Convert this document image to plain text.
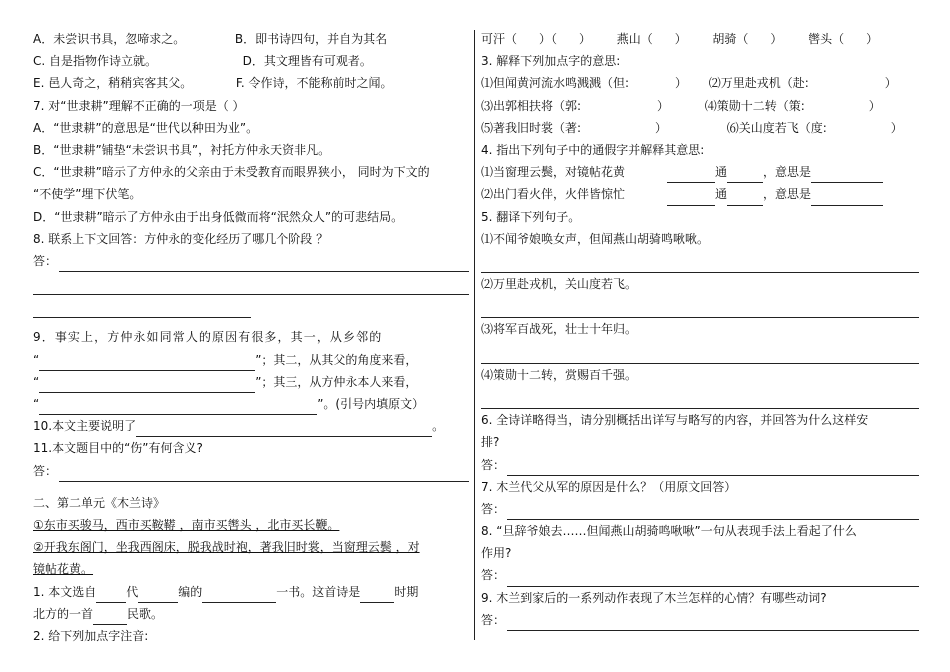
A．未尝识书具，忽啼求之。	B．即书诗四句，并自为其名
C. 自是指物作诗立就。	D．其文理皆有可观者。
E. 邑人奇之，稍稍宾客其父。	F. 令作诗，不能称前时之闻。
7. 对“世隶耕”理解不正确的一项是（ ）
A．“世隶耕”的意思是“世代以种田为业”。
B．“世隶耕”铺垫“未尝识书具”，衬托方仲永天资非凡。
C．“世隶耕”暗示了方仲永的父亲由于未受教育而眼界狭小， 同时为下文的
“不使学”埋下伏笔。
D．“世隶耕”暗示了方仲永由于出身低微而将“泯然众人”的可悲结局。
8. 联系上下文回答：方仲永的变化经历了哪几个阶段 ？
答：
9．事实上，方仲永如同常人的原因有很多，其一，从乡邻的
“	”；其二，从其父的角度来看，
“	”；其三，从方仲永本人来看，
“	”。(引号内填原文）
10.本文主要说明了	。
11.本文题目中的“伤”有何含义?
答：
二、第二单元《木兰诗》
①东市买骏马，西市买鞍鞯 ，南市买辔头 ，北市买长鞭。
②开我东阁门，坐我西阁床，脱我战时袍，著我旧时裳，当窗理云鬓 ，对
镜帖花黄。
1. 本文选自	代	编的	一书。这首诗是	时期
北方的一首	民歌。
2. 给下列加点字注音:
可汗（ ）（ ） 燕山（ ） 胡骑（ ） 辔头（ ）
3. 解释下列加点字的意思:
⑴但闻黄河流水鸣溅溅（但:	） ⑵万里赴戎机（赴:	）
⑶出郭相扶将（郭:	）	⑷策勋十二转（策:	）
⑸著我旧时裳（著:	）	⑹关山度若飞（度:	）
4. 指出下列句子中的通假字并解释其意思:
⑴当窗理云鬓，对镜帖花黄	通	，意思是
⑵出门看火伴，火伴皆惊忙	通	，意思是
5. 翻译下列句子。
⑴不闻爷娘唤女声，但闻燕山胡骑鸣啾啾。
⑵万里赴戎机，关山度若飞。
⑶将军百战死，壮士十年归。
⑷策勋十二转，赏赐百千强。
6. 全诗详略得当，请分别概括出详写与略写的内容，并回答为什么这样安
排?
答：
7. 木兰代父从军的原因是什么？（用原文回答）
答：
8. “旦辞爷娘去……但闻燕山胡骑鸣啾啾”一句从表现手法上看起了什么
作用?
答：
9. 木兰到家后的一系列动作表现了木兰怎样的心情？有哪些动词?
答：
